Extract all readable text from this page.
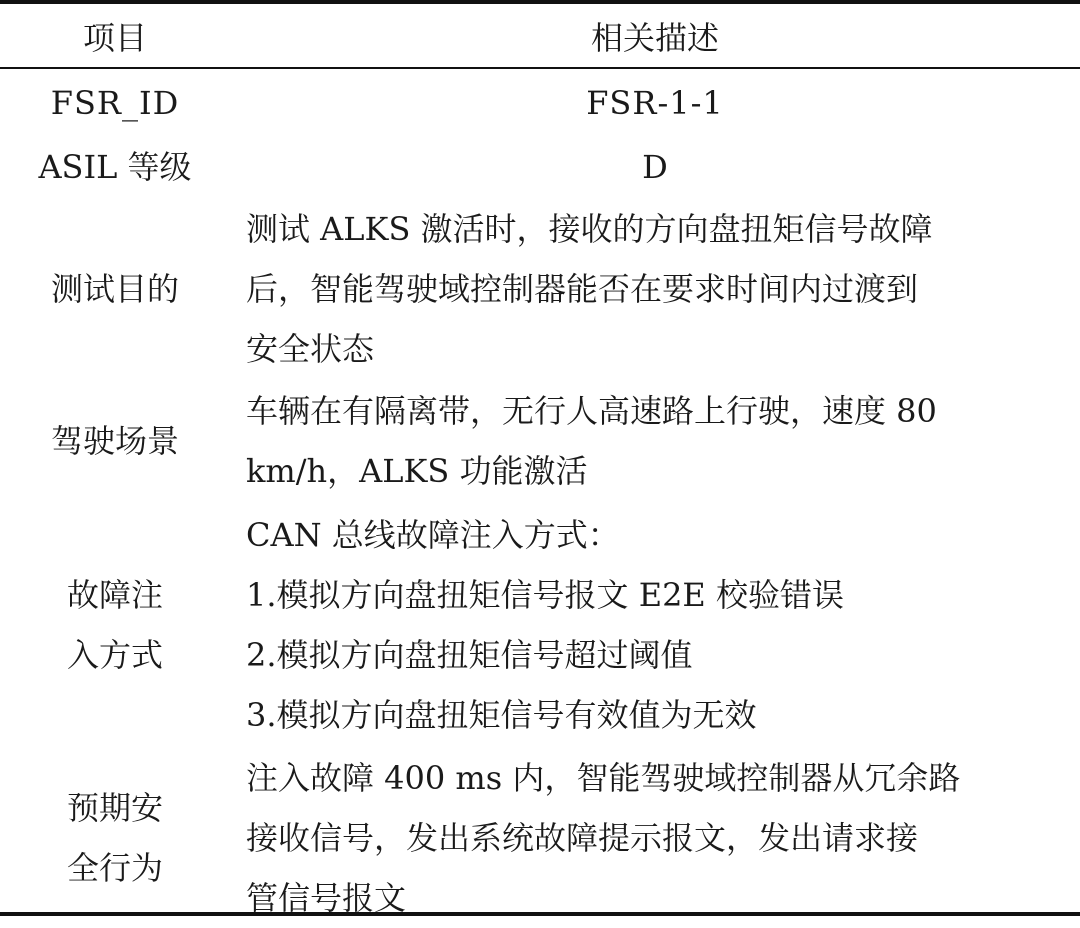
项目	相关描述

FSR_ID	FSR-1-1

ASIL 等级	D

测试目的	测试 ALKS 激活时，接收的方向盘扭矩信号故障
后，智能驾驶域控制器能否在要求时间内过渡到
安全状态

驾驶场景	车辆在有隔离带，无行人高速路上行驶，速度 80
km/h，ALKS 功能激活

故障注
入方式	CAN 总线故障注入方式：
1.模拟方向盘扭矩信号报文 E2E 校验错误
2.模拟方向盘扭矩信号超过阈值
3.模拟方向盘扭矩信号有效值为无效

预期安
全行为	注入故障 400 ms 内，智能驾驶域控制器从冗余路
接收信号，发出系统故障提示报文，发出请求接
管信号报文
